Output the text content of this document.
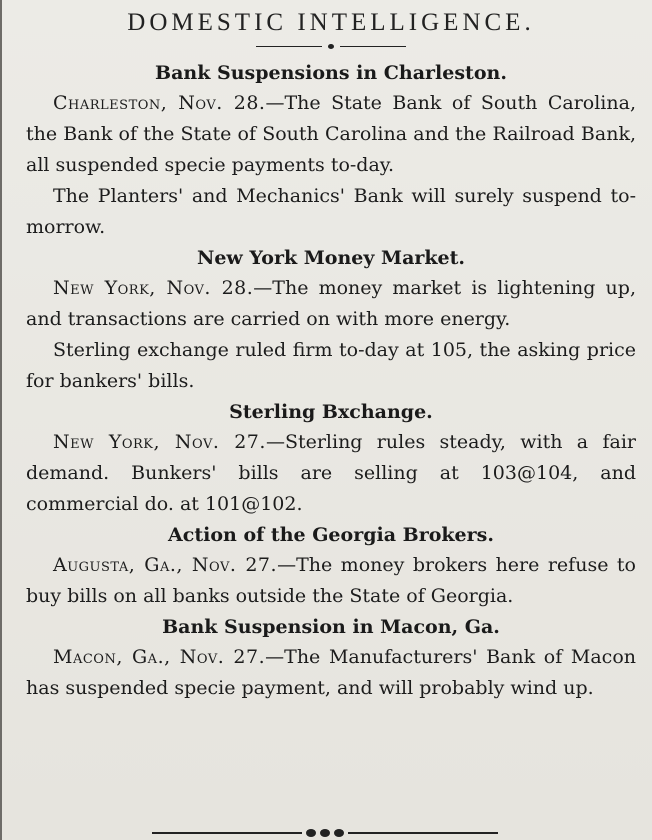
DOMESTIC INTELLIGENCE.
Bank Suspensions in Charleston.

Charleston, Nov. 28.—The State Bank of South Carolina, the Bank of the State of South Carolina and the Railroad Bank, all suspended specie payments to-day.

The Planters' and Mechanics' Bank will surely suspend to-morrow.

New York Money Market.

New York, Nov. 28.—The money market is lightening up, and transactions are carried on with more energy.

Sterling exchange ruled firm to-day at 105, the asking price for bankers' bills.

Sterling Bxchange.

New York, Nov. 27.—Sterling rules steady, with a fair demand. Bunkers' bills are selling at 103@104, and commercial do. at 101@102.

Action of the Georgia Brokers.

Augusta, Ga., Nov. 27.—The money brokers here refuse to buy bills on all banks outside the State of Georgia.

Bank Suspension in Macon, Ga.

Macon, Ga., Nov. 27.—The Manufacturers' Bank of Macon has suspended specie payment, and will probably wind up.
